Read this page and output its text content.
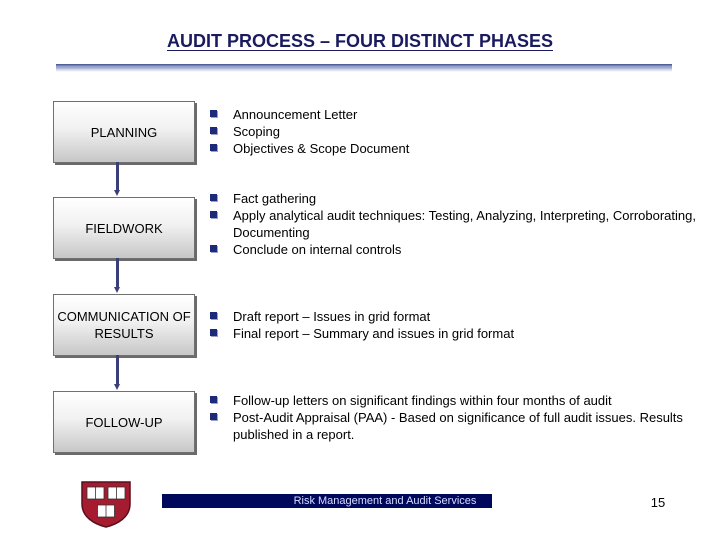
AUDIT PROCESS – FOUR DISTINCT PHASES
PLANNING
FIELDWORK
COMMUNICATION OF RESULTS
FOLLOW-UP
Announcement Letter
Scoping
Objectives & Scope Document
Fact gathering
Apply analytical audit techniques: Testing, Analyzing, Interpreting, Corroborating, Documenting
Conclude on internal controls
Draft report – Issues in grid format
Final report – Summary and issues in grid format
Follow-up letters on significant findings within four months of audit
Post-Audit Appraisal (PAA) - Based on significance of full audit issues. Results published in a report.
Risk Management and Audit Services	15
